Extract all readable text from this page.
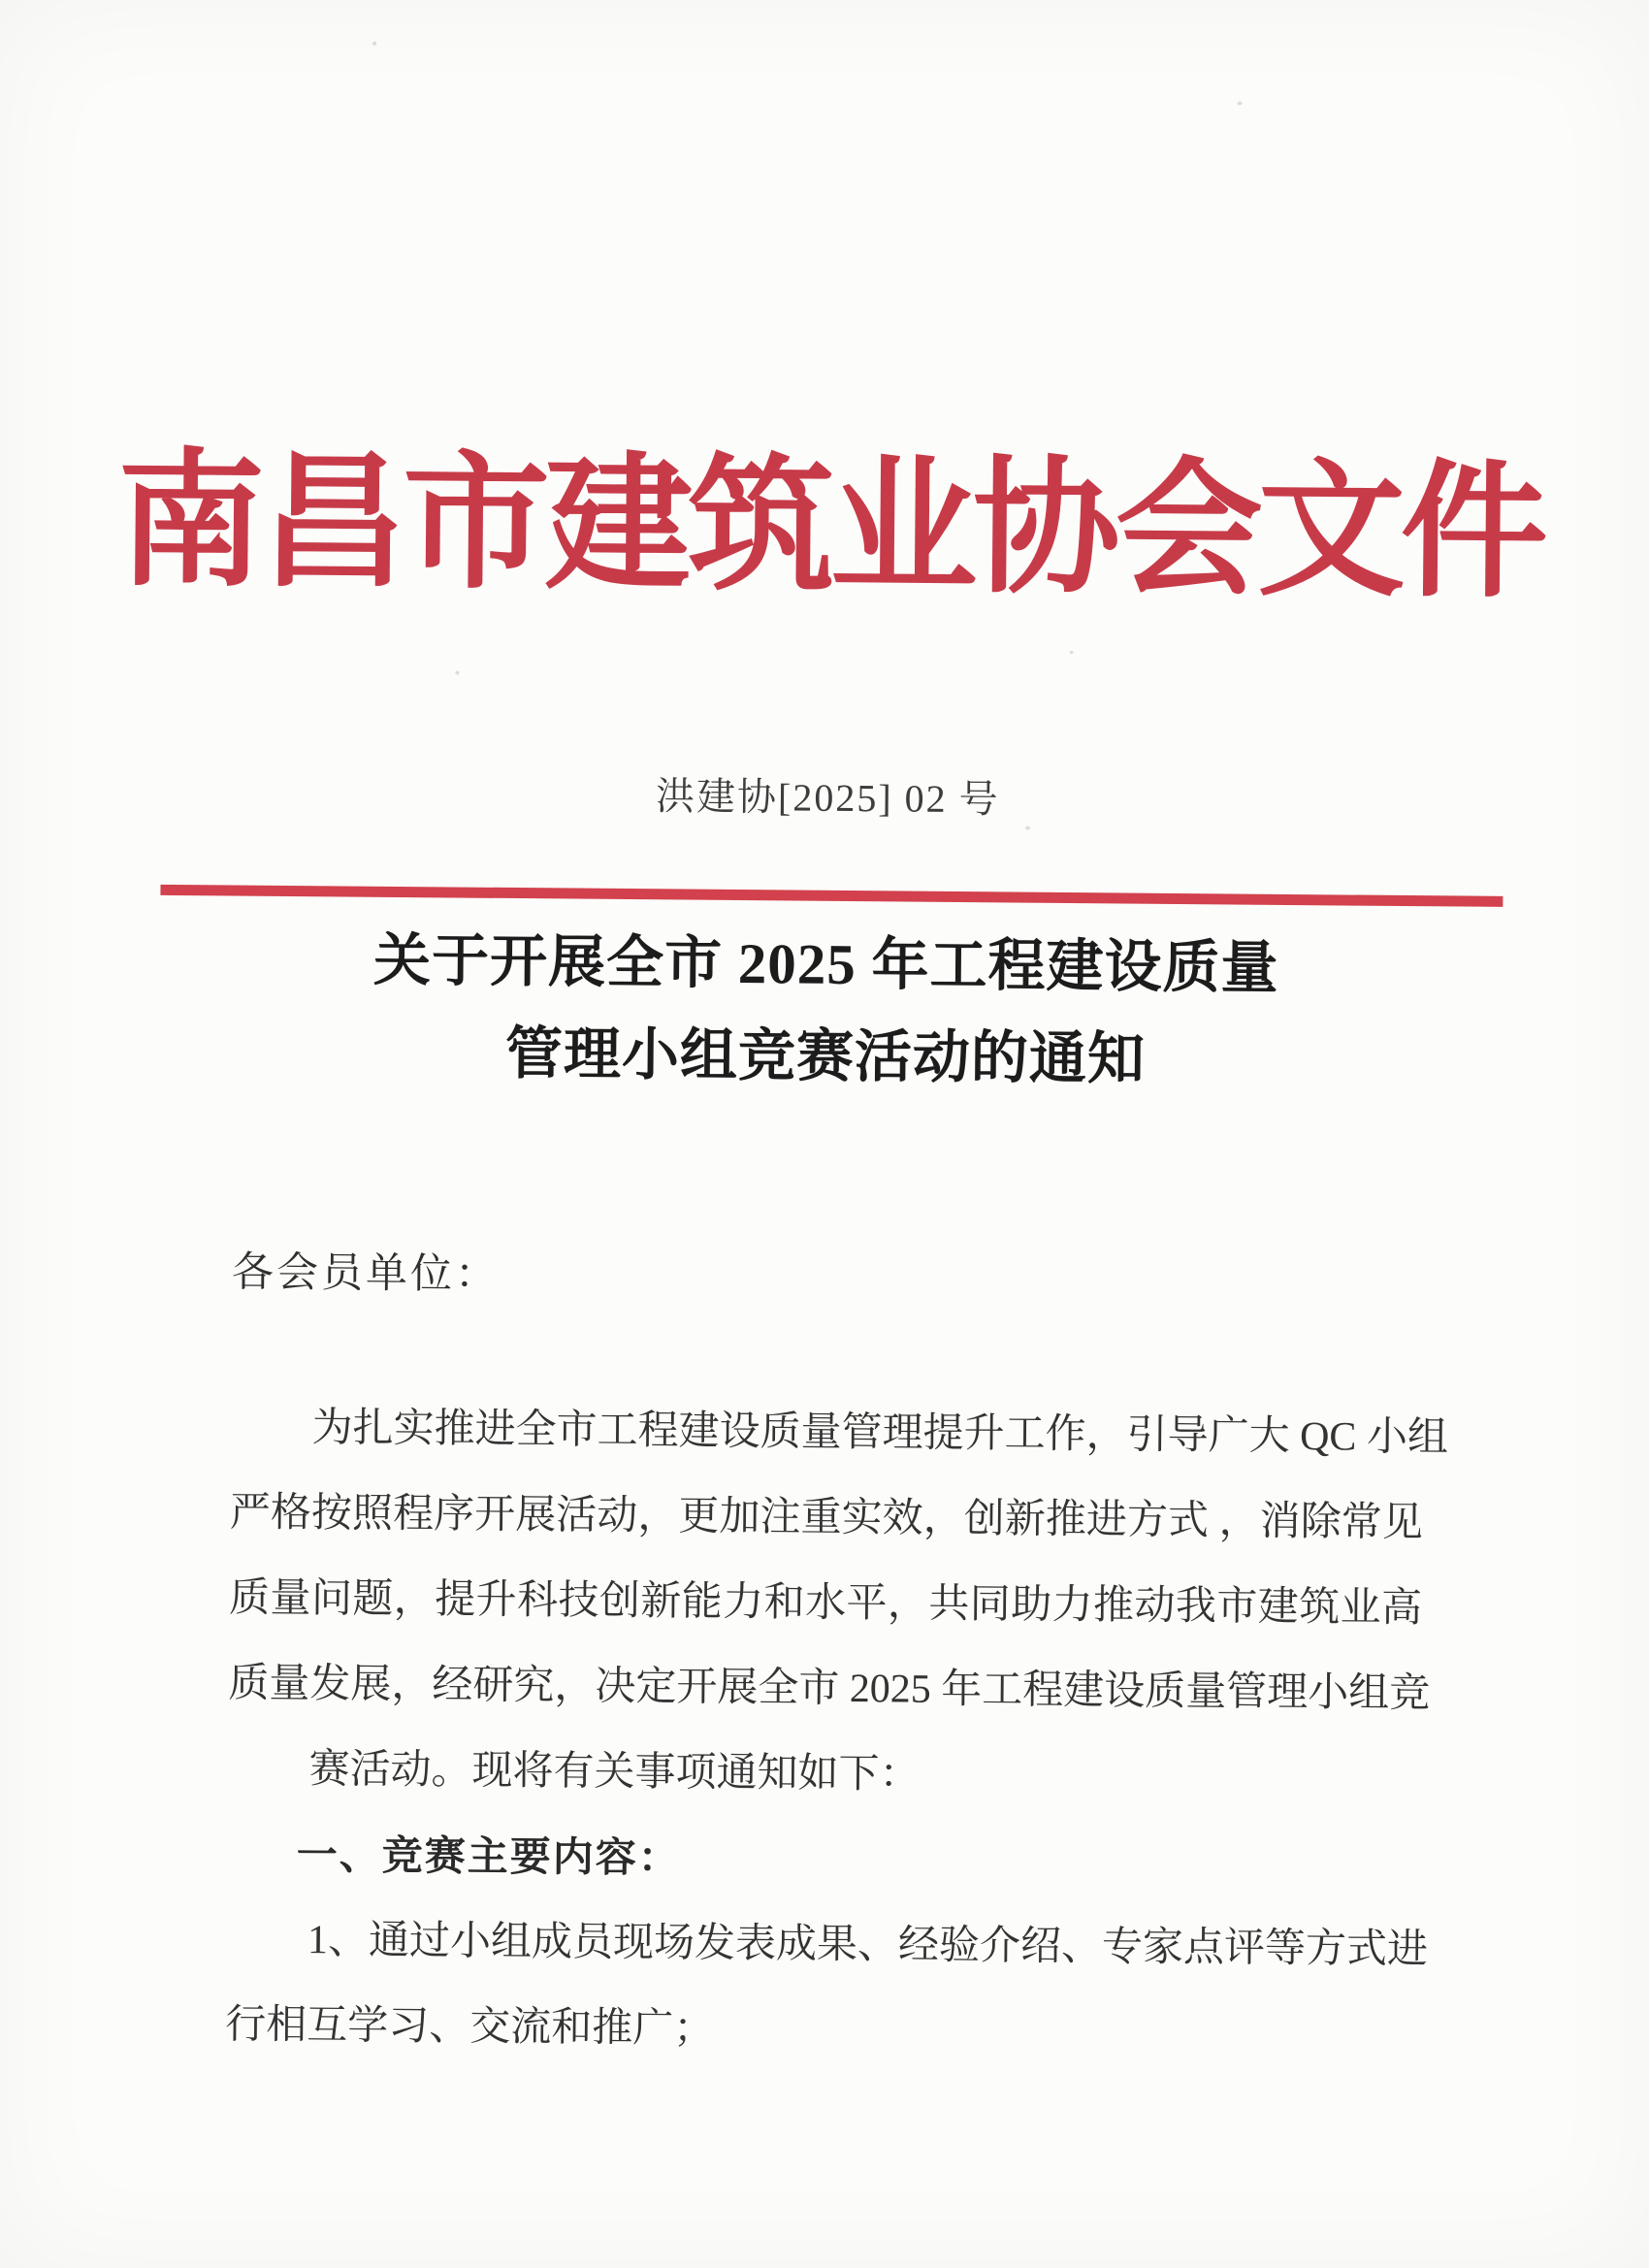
南昌市建筑业协会文件
洪建协[2025] 02 号
关于开展全市 2025 年工程建设质量
管理小组竞赛活动的通知
各会员单位：
为扎实推进全市工程建设质量管理提升工作，引导广大 QC 小组
严格按照程序开展活动，更加注重实效，创新推进方式 ，消除常见
质量问题，提升科技创新能力和水平，共同助力推动我市建筑业高
质量发展，经研究，决定开展全市 2025 年工程建设质量管理小组竞
赛活动。现将有关事项通知如下：
一、竞赛主要内容：
1、通过小组成员现场发表成果、经验介绍、专家点评等方式进
行相互学习、交流和推广；
